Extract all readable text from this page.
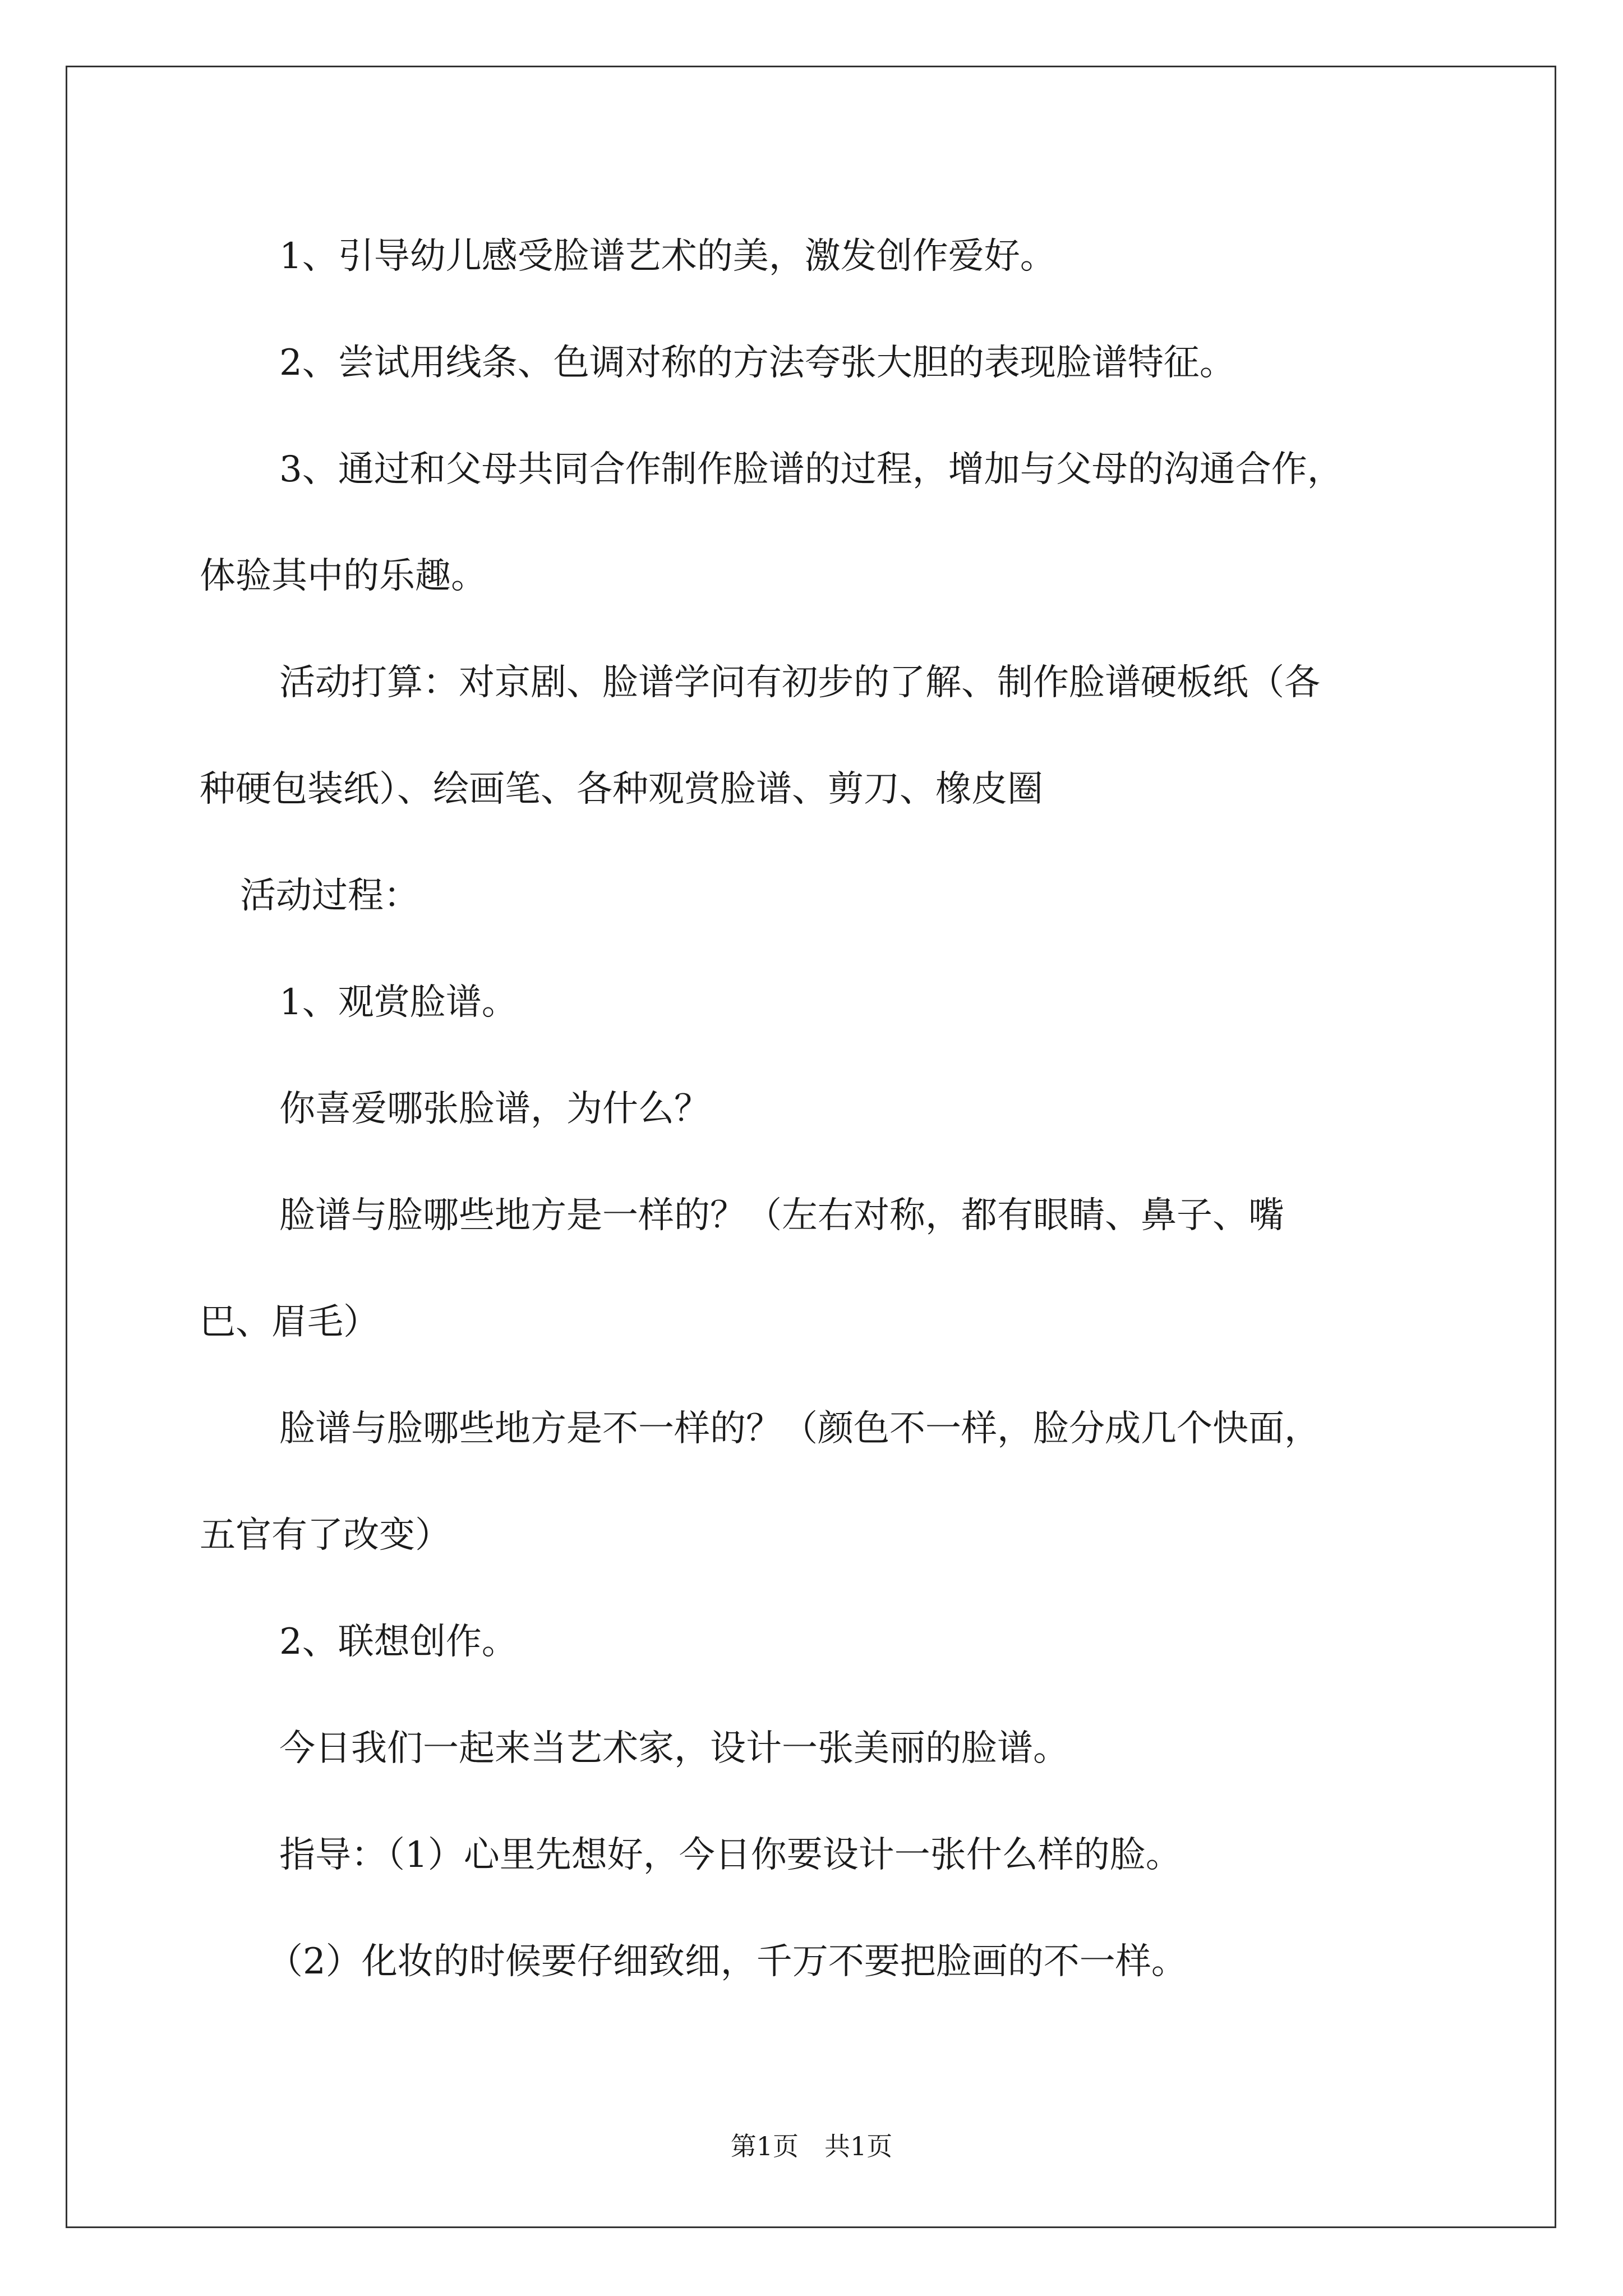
1、引导幼儿感受脸谱艺术的美，激发创作爱好。
2、尝试用线条、色调对称的方法夸张大胆的表现脸谱特征。
3、通过和父母共同合作制作脸谱的过程，增加与父母的沟通合作，
体验其中的乐趣。
活动打算：对京剧、脸谱学问有初步的了解、制作脸谱硬板纸（各
种硬包装纸）、绘画笔、各种观赏脸谱、剪刀、橡皮圈
活动过程：
1、观赏脸谱。
你喜爱哪张脸谱，为什么？
脸谱与脸哪些地方是一样的？（左右对称，都有眼睛、鼻子、嘴
巴、眉毛）
脸谱与脸哪些地方是不一样的？（颜色不一样，脸分成几个快面，
五官有了改变）
2、联想创作。
今日我们一起来当艺术家，设计一张美丽的脸谱。
指导：（1）心里先想好，今日你要设计一张什么样的脸。
（2）化妆的时候要仔细致细，千万不要把脸画的不一样。
第1页　共1页
